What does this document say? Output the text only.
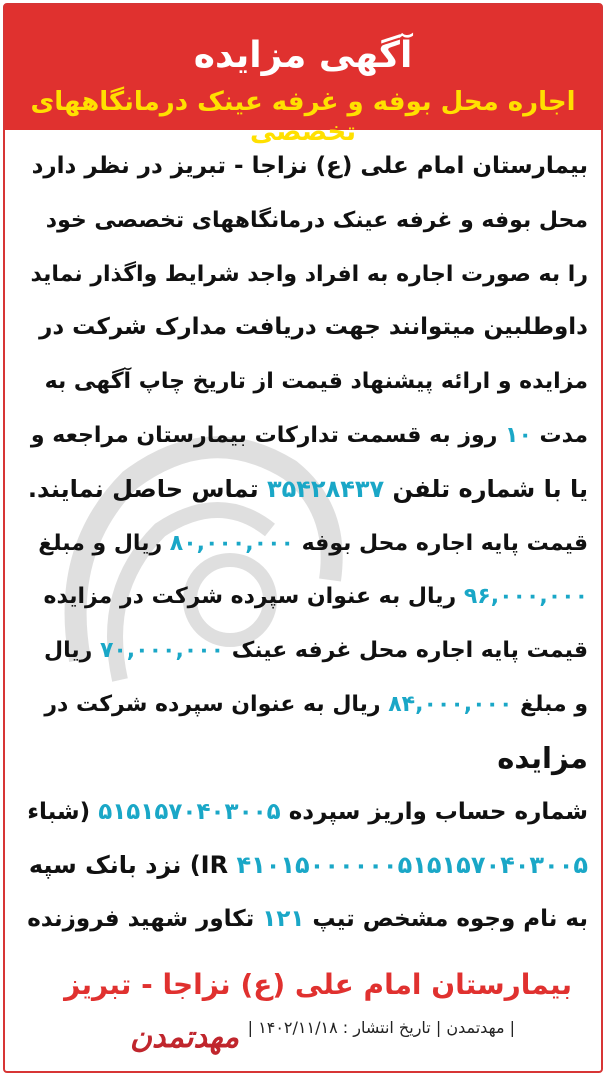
آگهی مزایده
اجاره محل بوفه و غرفه عینک درمانگاههای تخصصی
بیمارستان امام علی (ع) نزاجا - تبریز در نظر دارد
محل بوفه و غرفه عینک درمانگاههای تخصصی خود
را به صورت اجاره به افراد واجد شرایط واگذار نماید
داوطلبین میتوانند جهت دریافت مدارک شرکت در
مزایده و ارائه پیشنهاد قیمت از تاریخ چاپ آگهی به
مدت ۱۰ روز به قسمت تدارکات بیمارستان مراجعه و
یا با شماره تلفن ۳۵۴۲۸۴۳۷ تماس حاصل نمایند.
قیمت پایه اجاره محل بوفه ۸۰,۰۰۰,۰۰۰ ریال و مبلغ
۹۶,۰۰۰,۰۰۰ ریال به عنوان سپرده شرکت در مزایده
قیمت پایه اجاره محل غرفه عینک ۷۰,۰۰۰,۰۰۰ ریال
و مبلغ ۸۴,۰۰۰,۰۰۰ ریال به عنوان سپرده شرکت در
مزایده
شماره حساب واریز سپرده ۵۱۵۱۵۷۰۴۰۳۰۰۵ (شباء
IR ۴۱۰۱۵۰۰۰۰۰۰۵۱۵۱۵۷۰۴۰۳۰۰۵) نزد بانک سپه
به نام وجوه مشخص تیپ ۱۲۱ تکاور شهید فروزنده
بیمارستان امام علی (ع) نزاجا - تبریز
| مهدتمدن | تاریخ انتشار : ۱۴۰۲/۱۱/۱۸ |
مهدتمدن
